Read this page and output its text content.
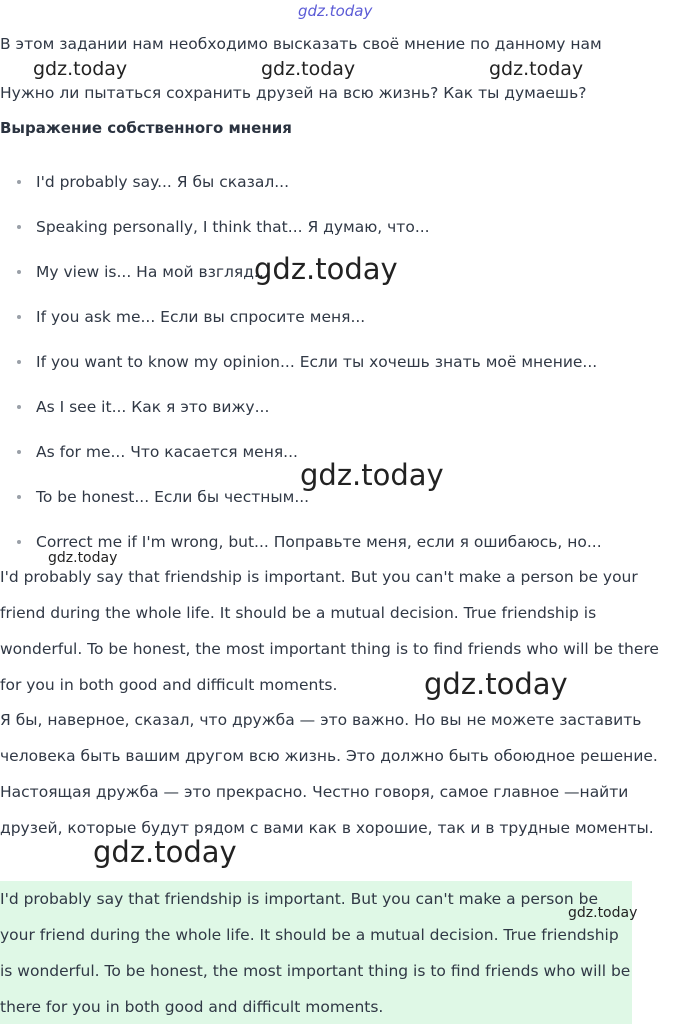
gdz.today
В этом задании нам необходимо высказать своё мнение по данному нам
gdz.today	gdz.today	gdz.today
Нужно ли пытаться сохранить друзей на всю жизнь? Как ты думаешь?
Выражение собственного мнения
I'd probably say... Я бы сказал...
Speaking personally, I think that... Я думаю, что...
My view is... На мой взгляд...
If you ask me... Если вы спросите меня...
If you want to know my opinion... Если ты хочешь знать моё мнение...
As I see it... Как я это вижу...
As for me... Что касается меня...
To be honest... Если бы честным...
Correct me if I'm wrong, but... Поправьте меня, если я ошибаюсь, но...
gdz.today
gdz.today
gdz.today

I'd probably say that friendship is important. But you can't make a person be your friend during the whole life. It should be a mutual decision. True friendship is wonderful. To be honest, the most important thing is to find friends who will be there for you in both good and difficult moments.	gdz.today

Я бы, наверное, сказал, что дружба — это важно. Но вы не можете заставить человека быть вашим другом всю жизнь. Это должно быть обоюдное решение. Настоящая дружба — это прекрасно. Честно говоря, самое главное —найти друзей, которые будут рядом с вами как в хорошие, так и в трудные моменты.

gdz.today

I'd probably say that friendship is important. But you can't make a person be your friend during the whole life. It should be a mutual decision. True friendship is wonderful. To be honest, the most important thing is to find friends who will be there for you in both good and difficult moments.

gdz.today
